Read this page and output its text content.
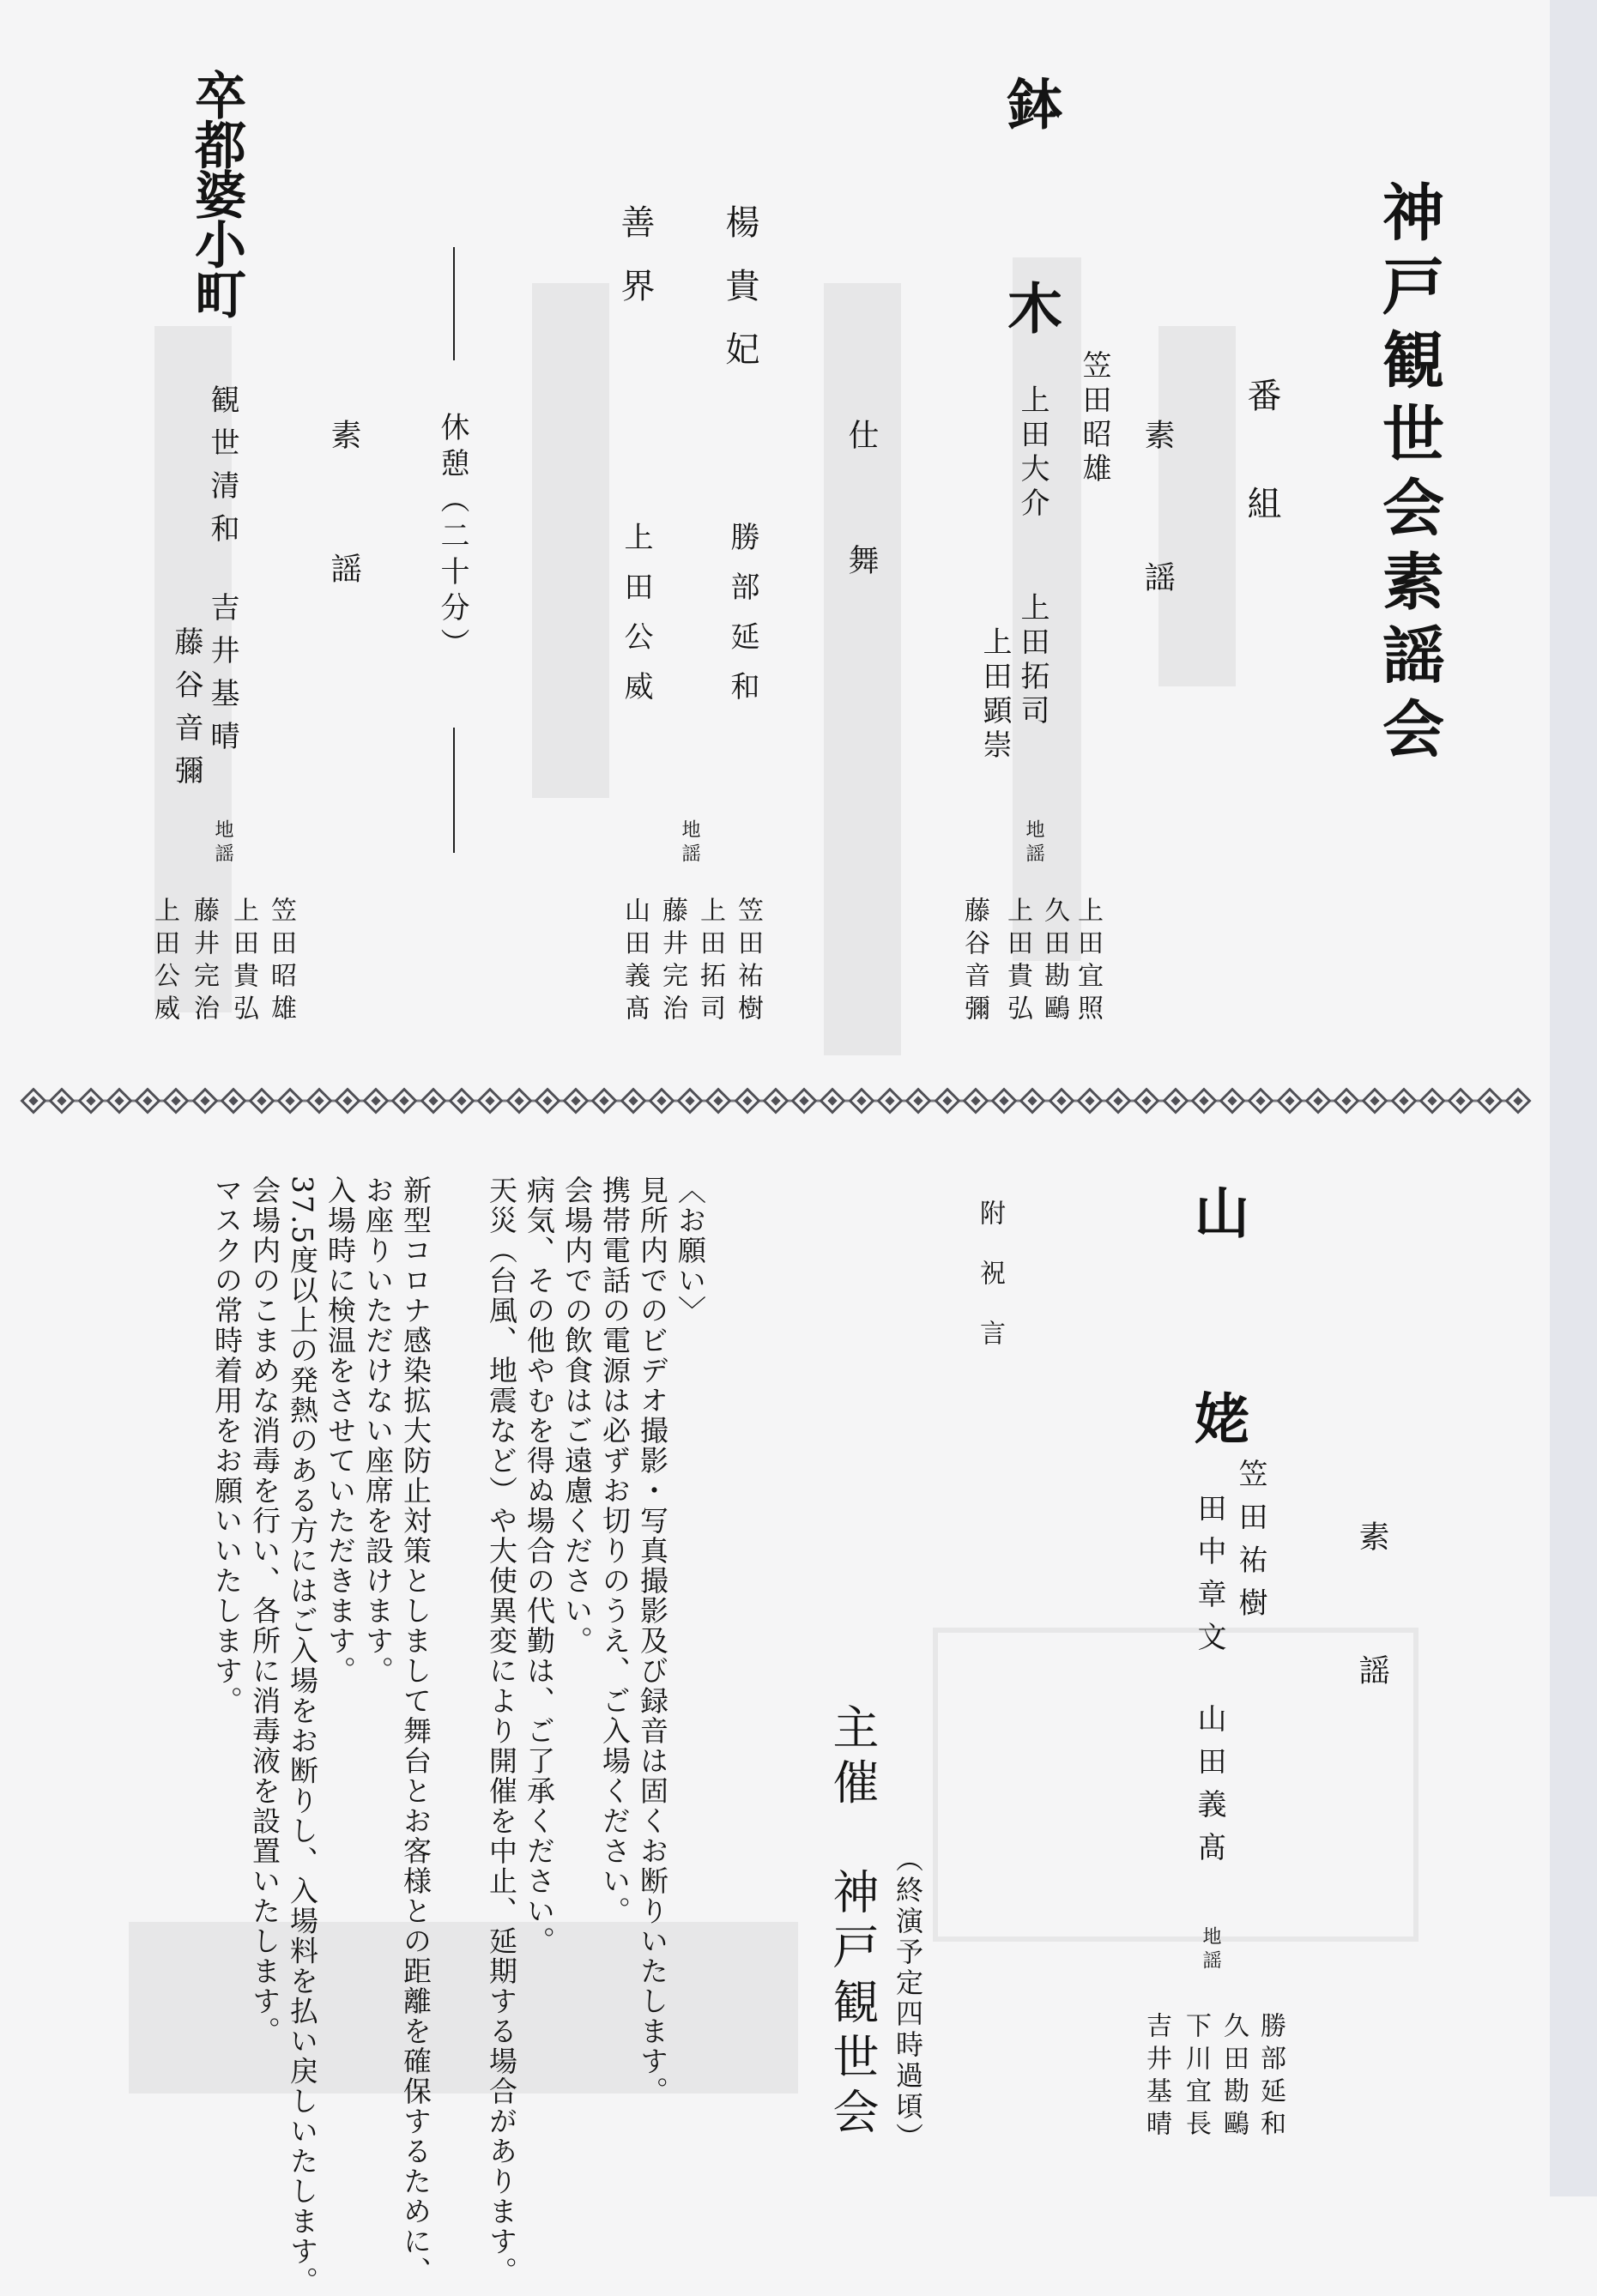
神戸観世会素謡会
番組
鉢
木
素謡
笠田昭雄
上田大介
上田拓司
上田顕崇
地謡
上田宜照
久田勘鷗
上田貴弘
藤谷音彌
仕舞
楊貴妃
勝部延和
善界
上田公威
地謡
笠田祐樹
上田拓司
藤井完治
山田義髙
休憩（二十分）
卒都婆小町
素謡
観世清和
吉井基晴
藤谷音彌
地謡
笠田昭雄
上田貴弘
藤井完治
上田公威
山
姥
素謡
笠田祐樹
田中章文
山田義髙
地謡
勝部延和
久田勘鷗
下川宜長
吉井基晴
附祝言
（終演予定四時過頃）
主催　神戸観世会
〈お願い〉
見所内でのビデオ撮影・写真撮影及び録音は固くお断りいたします。
携帯電話の電源は必ずお切りのうえ、ご入場ください。
会場内での飲食はご遠慮ください。
病気、その他やむを得ぬ場合の代勤は、ご了承ください。
天災（台風、地震など）や大使異変により開催を中止、延期する場合があります。
新型コロナ感染拡大防止対策としまして舞台とお客様との距離を確保するために、
お座りいただけない座席を設けます。
入場時に検温をさせていただきます。
37.5度以上の発熱のある方にはご入場をお断りし、入場料を払い戻しいたします。
会場内のこまめな消毒を行い、各所に消毒液を設置いたします。
マスクの常時着用をお願いいたします。
